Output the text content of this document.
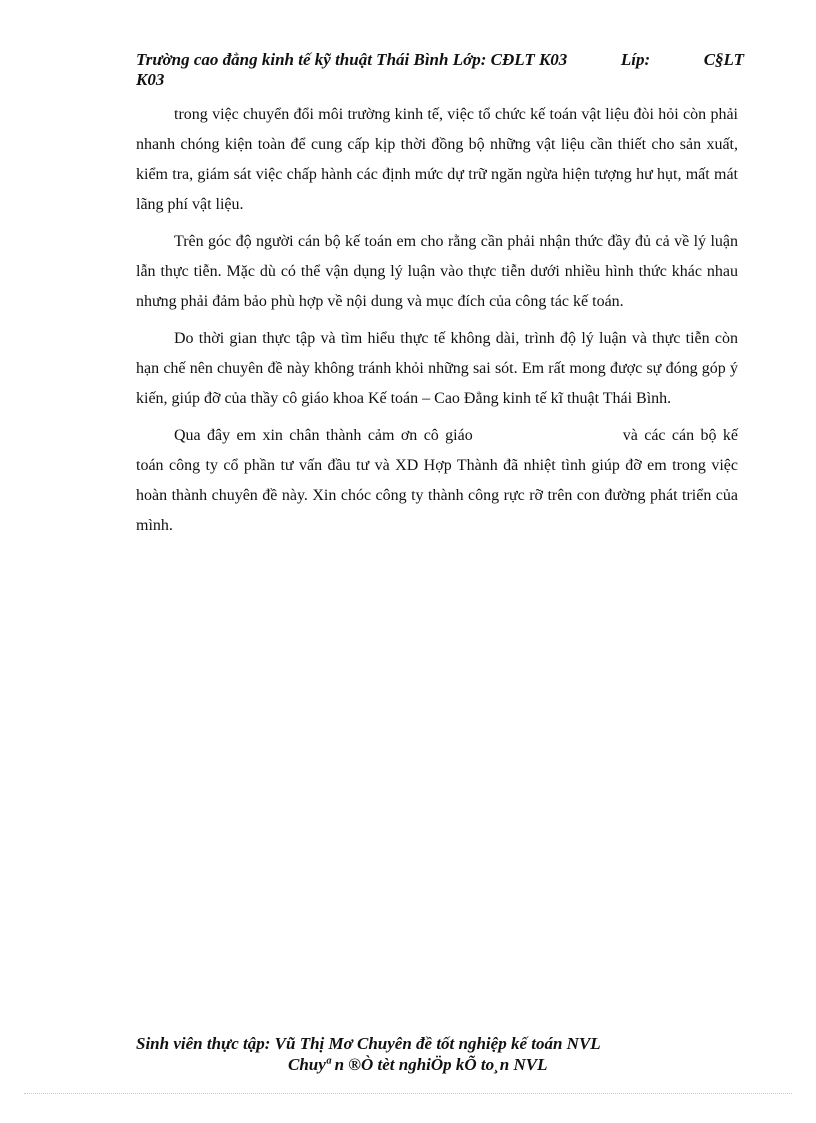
Trường cao đẳng kinh tế kỹ thuật Thái Bình Lớp: CĐLT K03	Líp:	C§LT
K03

trong việc chuyển đổi môi trường kinh tế, việc tổ chức kế toán vật liệu đòi hỏi còn phải nhanh chóng kiện toàn để cung cấp kịp thời đồng bộ những vật liệu cần thiết cho sản xuất, kiểm tra, giám sát việc chấp hành các định mức dự trữ ngăn ngừa hiện tượng hư hụt, mất mát lãng phí vật liệu.

Trên góc độ người cán bộ kế toán em cho rằng cần phải nhận thức đầy đủ cả về lý luận lẫn thực tiễn. Mặc dù có thể vận dụng lý luận vào thực tiễn dưới nhiều hình thức khác nhau nhưng phải đảm bảo phù hợp về nội dung và mục đích của công tác kế toán.

Do thời gian thực tập và tìm hiểu thực tế không dài, trình độ lý luận và thực tiễn còn hạn chế nên chuyên đề này không tránh khỏi những sai sót. Em rất mong được sự đóng góp ý kiến, giúp đỡ của thầy cô giáo khoa Kế toán – Cao Đẳng kinh tế kĩ thuật Thái Bình.

Qua đây em xin chân thành cảm ơn cô giáo	và các cán bộ kế toán công ty cổ phần tư vấn đầu tư và XD Hợp Thành đã nhiệt tình giúp đỡ em trong việc hoàn thành chuyên đề này. Xin chóc công ty thành công rực rỡ trên con đường phát triển của mình.

Sinh viên thực tập: Vũ Thị Mơ Chuyên đề tốt nghiệp kế toán NVL
Chuyª n ®Ò tèt nghiÖp kÕ to¸n NVL
